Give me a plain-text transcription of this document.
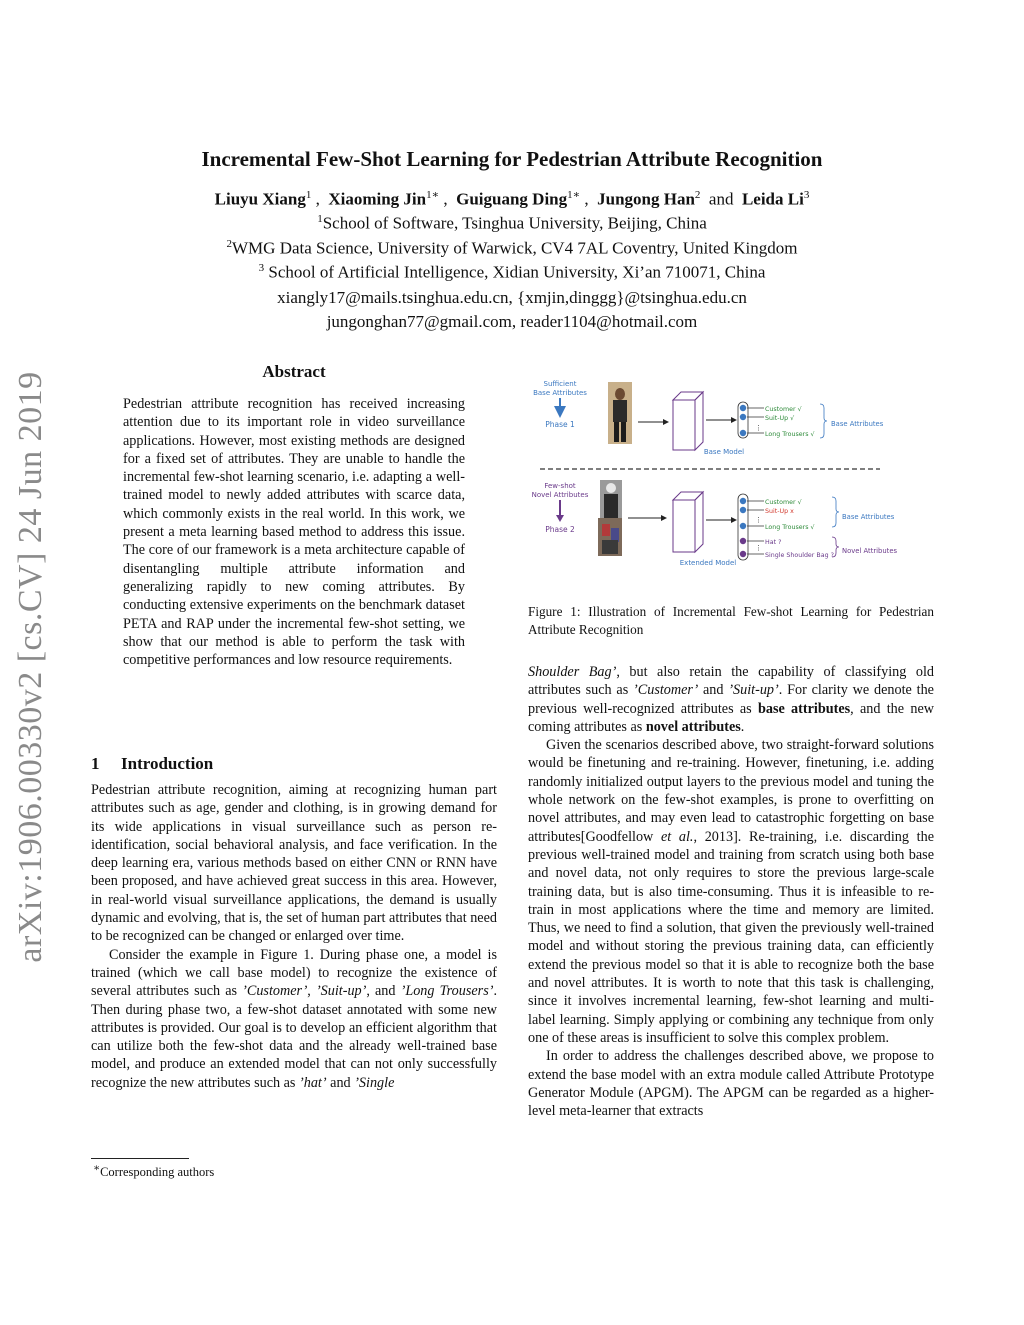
arXiv:1906.00330v2 [cs.CV] 24 Jun 2019
Incremental Few-Shot Learning for Pedestrian Attribute Recognition
Liuyu Xiang$^1$ ,  Xiaoming Jin$^{1∗}$ ,  Guiguang Ding$^{1∗}$ ,  Jungong Han$^2$ and Leida Li$^3$
$^1$School of Software, Tsinghua University, Beijing, China
$^2$WMG Data Science, University of Warwick, CV4 7AL Coventry, United Kingdom
$^3$ School of Artificial Intelligence, Xidian University, Xi’an 710071, China
xiangly17@mails.tsinghua.edu.cn, {xmjin,dinggg}@tsinghua.edu.cn
jungonghan77@gmail.com, reader1104@hotmail.com
Abstract

Pedestrian attribute recognition has received increasing attention due to its important role in video surveillance applications. However, most existing methods are designed for a fixed set of attributes. They are unable to handle the incremental few-shot learning scenario, i.e. adapting a well-trained model to newly added attributes with scarce data, which commonly exists in the real world. In this work, we present a meta learning based method to address this issue. The core of our framework is a meta architecture capable of disentangling multiple attribute information and generalizing rapidly to new coming attributes. By conducting extensive experiments on the benchmark dataset PETA and RAP under the incremental few-shot setting, we show that our method is able to perform the task with competitive performances and low resource requirements.

1 Introduction

Pedestrian attribute recognition, aiming at recognizing human part attributes such as age, gender and clothing, is in growing demand for its wide applications in visual surveillance such as person re-identification, social behavioral analysis, and face verification. In the deep learning era, various methods based on either CNN or RNN have been proposed, and have achieved great success in this area. However, in real-world visual surveillance applications, the demand is usually dynamic and evolving, that is, the set of human part attributes that need to be recognized can be changed or enlarged over time.

Consider the example in Figure 1. During phase one, a model is trained (which we call base model) to recognize the existence of several attributes such as ’Customer’, ’Suit-up’, and ’Long Trousers’. Then during phase two, a few-shot dataset annotated with some new attributes is provided. Our goal is to develop an efficient algorithm that can utilize both the few-shot data and the already well-trained base model, and produce an extended model that can not only successfully recognize the new attributes such as ’hat’ and ’Single

∗Corresponding authors
Sufficient
Base Attributes
Phase 1
Base Model
⋮
Customer √
Suit-Up √
Long Trousers √
Base Attributes
Few-shot
Novel Attributes
Phase 2
Extended Model
⋮
⋮
Customer √
Suit-Up x
Long Trousers √
Hat ?
Single Shoulder Bag ?
Base Attributes
Novel Attributes
Figure 1: Illustration of Incremental Few-shot Learning for Pedestrian Attribute Recognition

Shoulder Bag’, but also retain the capability of classifying old attributes such as ’Customer’ and ’Suit-up’. For clarity we denote the previous well-recognized attributes as base attributes, and the new coming attributes as novel attributes.

Given the scenarios described above, two straight-forward solutions would be finetuning and re-training. However, finetuning, i.e. adding randomly initialized output layers to the previous model and tuning the whole network on the few-shot examples, is prone to overfitting on novel attributes, and may even lead to catastrophic forgetting on base attributes[Goodfellow et al., 2013]. Re-training, i.e. discarding the previous well-trained model and training from scratch using both base and novel data, not only requires to store the previous large-scale training data, but is also time-consuming. Thus it is infeasible to re-train in most applications where the time and memory are limited. Thus, we need to find a solution, that given the previously well-trained model and without storing the previous training data, can efficiently extend the previous model so that it is able to recognize both the base and novel attributes. It is worth to note that this task is challenging, since it involves incremental learning, few-shot learning and multi-label learning. Simply applying or combining any technique from only one of these areas is insufficient to solve this complex problem.

In order to address the challenges described above, we propose to extend the base model with an extra module called Attribute Prototype Generator Module (APGM). The APGM can be regarded as a higher-level meta-learner that extracts
